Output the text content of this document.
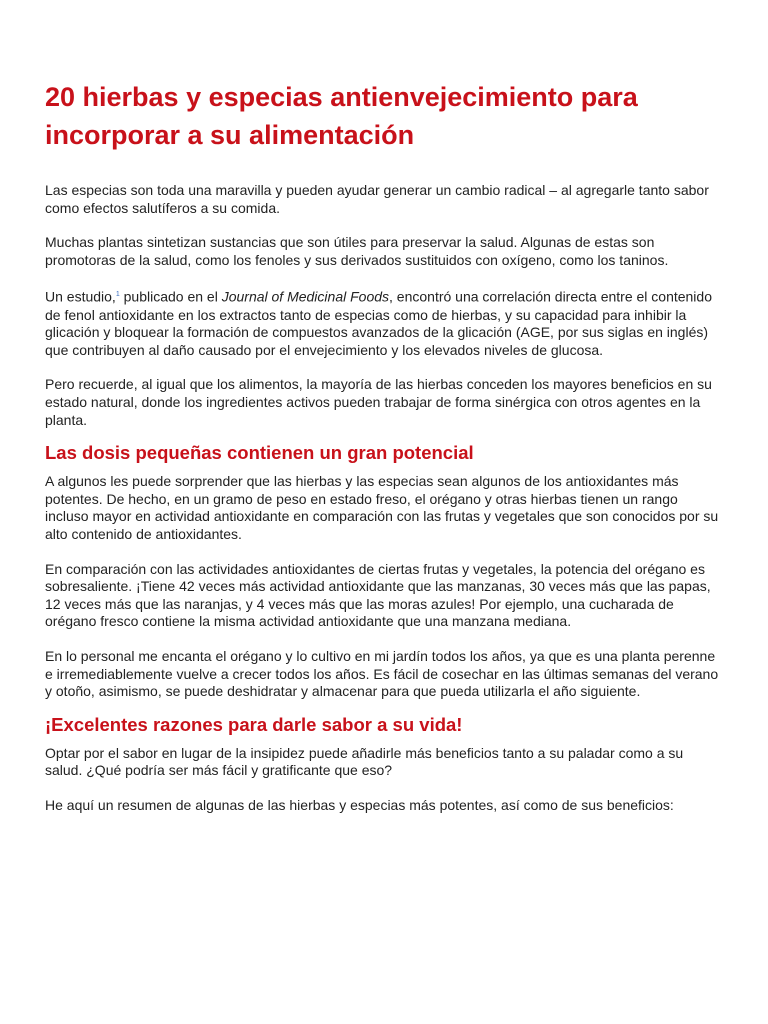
20 hierbas y especias antienvejecimiento para incorporar a su alimentación

Las especias son toda una maravilla y pueden ayudar generar un cambio radical – al agregarle tanto sabor como efectos salutíferos a su comida.

Muchas plantas sintetizan sustancias que son útiles para preservar la salud. Algunas de estas son promotoras de la salud, como los fenoles y sus derivados sustituidos con oxígeno, como los taninos.

Un estudio,$^1$ publicado en el Journal of Medicinal Foods, encontró una correlación directa entre el contenido de fenol antioxidante en los extractos tanto de especias como de hierbas, y su capacidad para inhibir la glicación y bloquear la formación de compuestos avanzados de la glicación (AGE, por sus siglas en inglés) que contribuyen al daño causado por el envejecimiento y los elevados niveles de glucosa.

Pero recuerde, al igual que los alimentos, la mayoría de las hierbas conceden los mayores beneficios en su estado natural, donde los ingredientes activos pueden trabajar de forma sinérgica con otros agentes en la planta.

Las dosis pequeñas contienen un gran potencial

A algunos les puede sorprender que las hierbas y las especias sean algunos de los antioxidantes más potentes. De hecho, en un gramo de peso en estado freso, el orégano y otras hierbas tienen un rango incluso mayor en actividad antioxidante en comparación con las frutas y vegetales que son conocidos por su alto contenido de antioxidantes.

En comparación con las actividades antioxidantes de ciertas frutas y vegetales, la potencia del orégano es sobresaliente. ¡Tiene 42 veces más actividad antioxidante que las manzanas, 30 veces más que las papas, 12 veces más que las naranjas, y 4 veces más que las moras azules! Por ejemplo, una cucharada de orégano fresco contiene la misma actividad antioxidante que una manzana mediana.

En lo personal me encanta el orégano y lo cultivo en mi jardín todos los años, ya que es una planta perenne e irremediablemente vuelve a crecer todos los años. Es fácil de cosechar en las últimas semanas del verano y otoño, asimismo, se puede deshidratar y almacenar para que pueda utilizarla el año siguiente.

¡Excelentes razones para darle sabor a su vida!

Optar por el sabor en lugar de la insipidez puede añadirle más beneficios tanto a su paladar como a su salud. ¿Qué podría ser más fácil y gratificante que eso?

He aquí un resumen de algunas de las hierbas y especias más potentes, así como de sus beneficios:
